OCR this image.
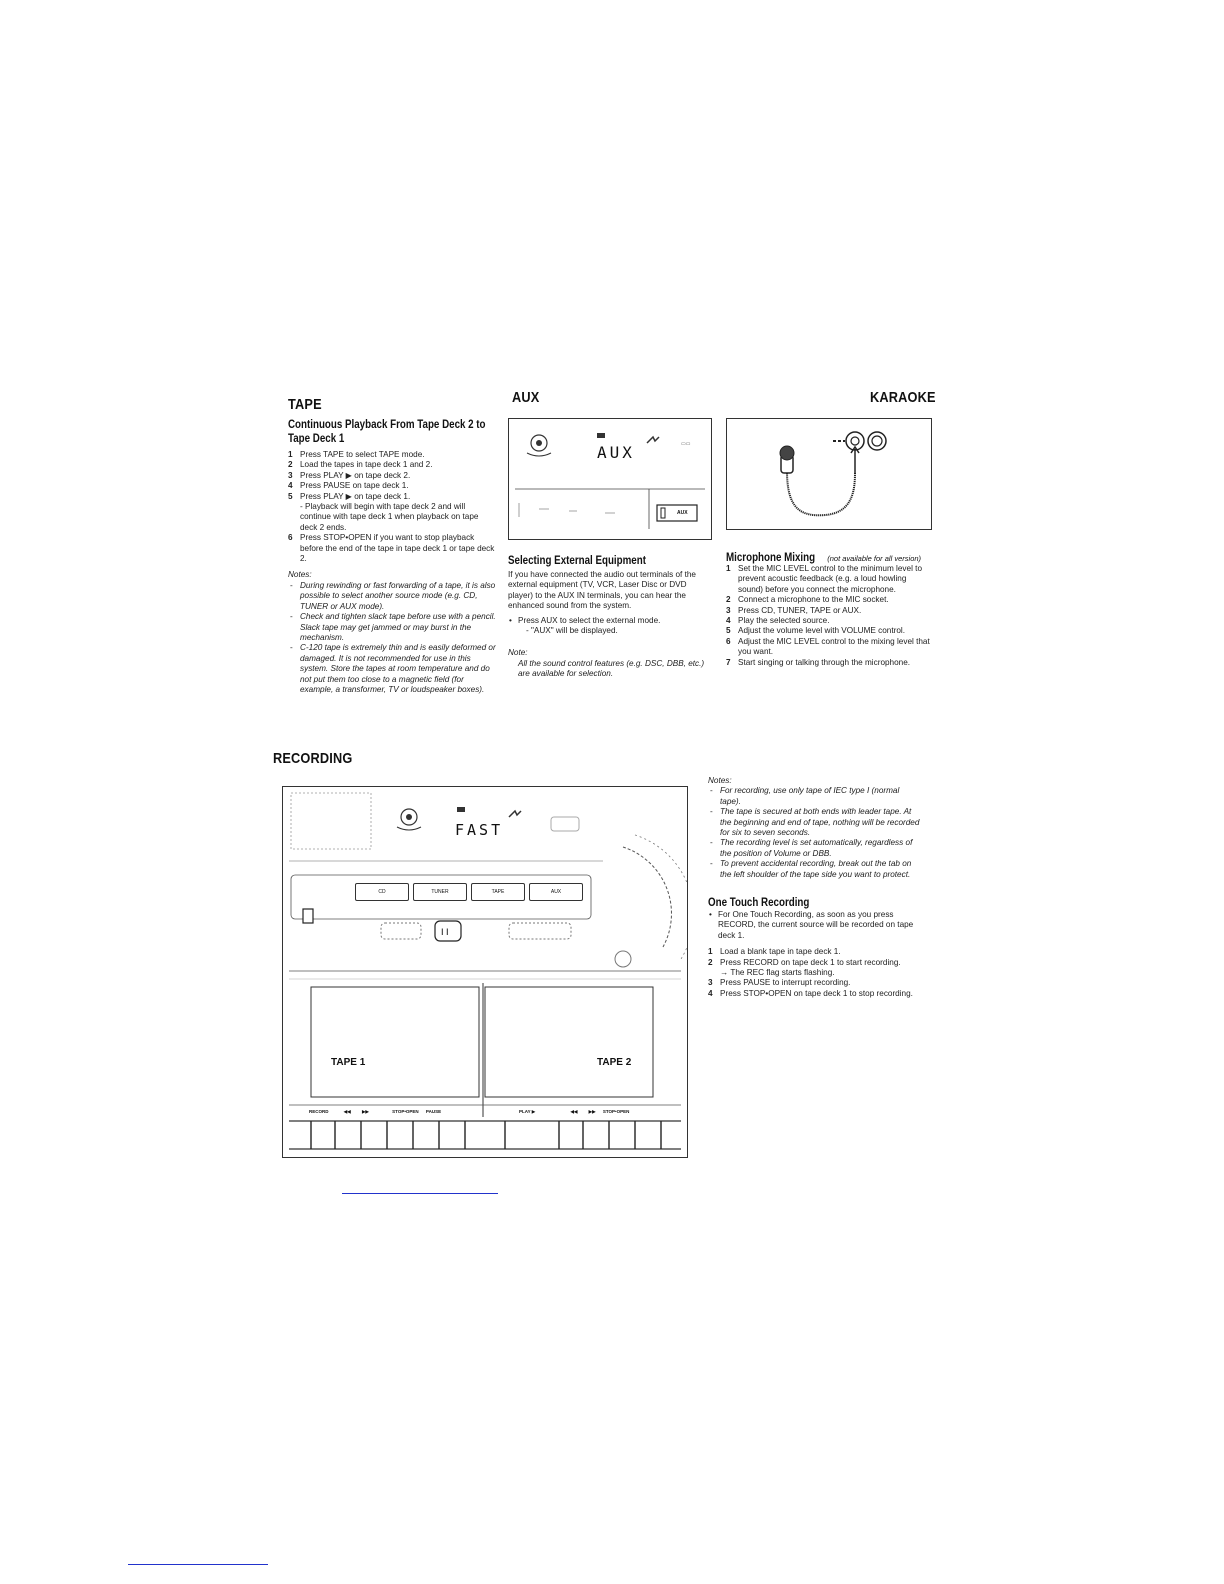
TAPE
Continuous Playback From Tape Deck 2 to Tape Deck 1
1 Press TAPE to select TAPE mode.
2 Load the tapes in tape deck 1 and 2.
3 Press PLAY ▶ on tape deck 2.
4 Press PAUSE on tape deck 1.
5 Press PLAY ▶ on tape deck 1.
- Playback will begin with tape deck 2 and will continue with tape deck 1 when playback on tape deck 2 ends.
6 Press STOP•OPEN if you want to stop playback before the end of the tape in tape deck 1 or tape deck 2.
Notes:
- During rewinding or fast forwarding of a tape, it is also possible to select another source mode (e.g. CD, TUNER or AUX mode).
- Check and tighten slack tape before use with a pencil. Slack tape may get jammed or may burst in the mechanism.
- C-120 tape is extremely thin and is easily deformed or damaged. It is not recommended for use in this system. Store the tapes at room temperature and do not put them too close to a magnetic field (for example, a transformer, TV or loudspeaker boxes).
AUX
▭▭
AUX
AUX
Selecting External Equipment
If you have connected the audio out terminals of the external equipment (TV, VCR, Laser Disc or DVD player) to the AUX IN terminals, you can hear the enhanced sound from the system.
• Press AUX to select the external mode.
- "AUX" will be displayed.
Note:
All the sound control features (e.g. DSC, DBB, etc.) are available for selection.
KARAOKE
Microphone Mixing (not available for all version)
1 Set the MIC LEVEL control to the minimum level to prevent acoustic feedback (e.g. a loud howling sound) before you connect the microphone.
2 Connect a microphone to the MIC socket.
3 Press CD, TUNER, TAPE or AUX.
4 Play the selected source.
5 Adjust the volume level with VOLUME control.
6 Adjust the MIC LEVEL control to the mixing level that you want.
7 Start singing or talking through the microphone.
RECORDING
I I
FAST
CD	TUNER	TAPE	AUX
TAPE 1	TAPE 2
RECORD	◀◀	▶▶	STOP•OPEN PAUSE	PLAY ▶	◀◀	▶▶ STOP•OPEN
Notes:
- For recording, use only tape of IEC type I (normal tape).
- The tape is secured at both ends with leader tape. At the beginning and end of tape, nothing will be recorded for six to seven seconds.
- The recording level is set automatically, regardless of the position of Volume or DBB.
- To prevent accidental recording, break out the tab on the left shoulder of the tape side you want to protect.
One Touch Recording
• For One Touch Recording, as soon as you press RECORD, the current source will be recorded on tape deck 1.
1 Load a blank tape in tape deck 1.
2 Press RECORD on tape deck 1 to start recording.
→ The REC flag starts flashing.
3 Press PAUSE to interrupt recording.
4 Press STOP•OPEN on tape deck 1 to stop recording.
